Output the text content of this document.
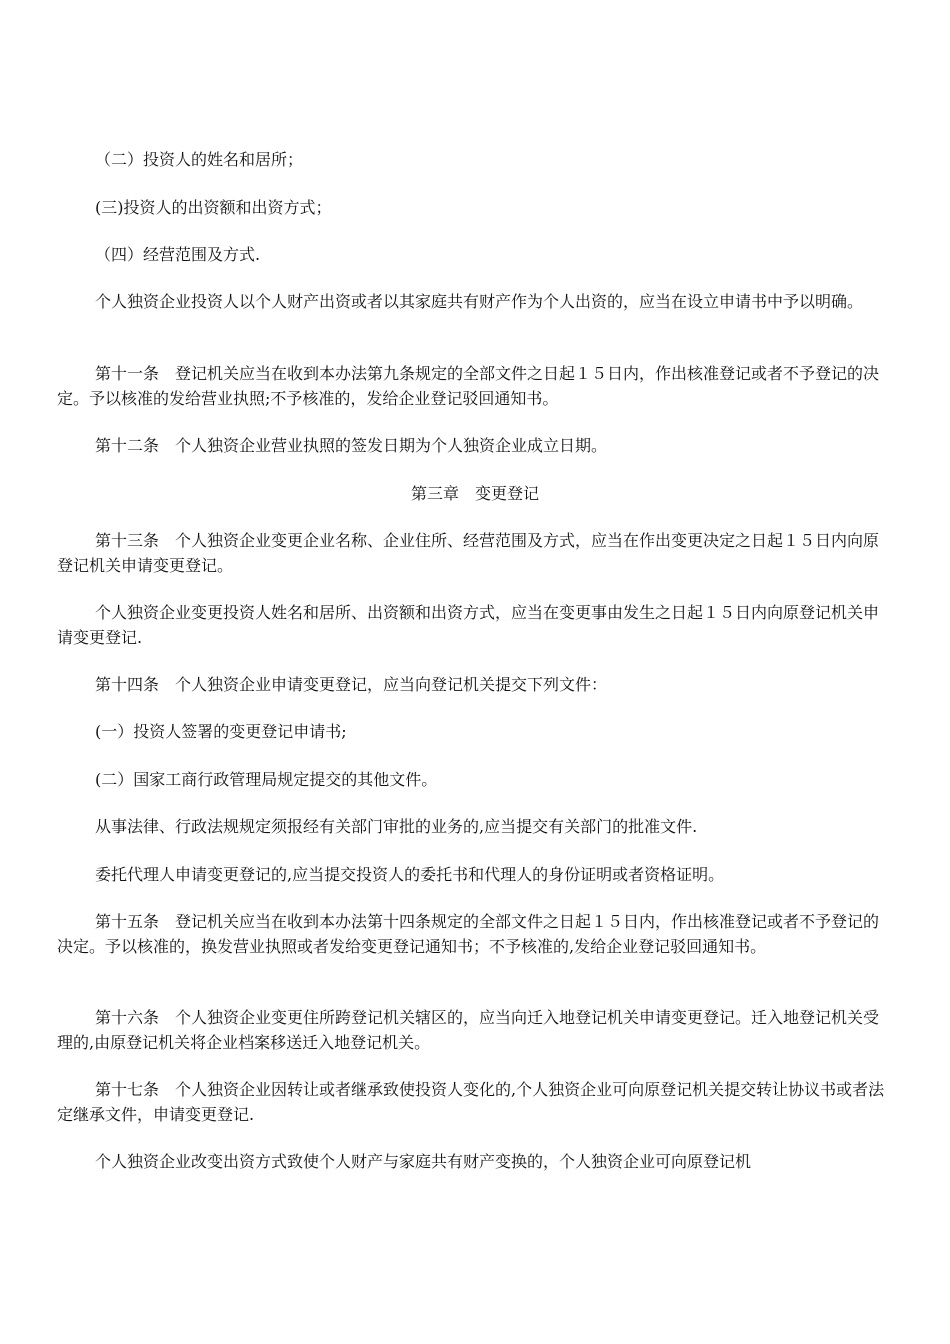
（二）投资人的姓名和居所；

(三)投资人的出资额和出资方式；

（四）经营范围及方式.

个人独资企业投资人以个人财产出资或者以其家庭共有财产作为个人出资的，应当在设立申请书中予以明确。

第十一条　登记机关应当在收到本办法第九条规定的全部文件之日起１５日内，作出核准登记或者不予登记的决定。予以核准的发给营业执照;不予核准的，发给企业登记驳回通知书。

第十二条　个人独资企业营业执照的签发日期为个人独资企业成立日期。

第三章　变更登记

第十三条　个人独资企业变更企业名称、企业住所、经营范围及方式，应当在作出变更决定之日起１５日内向原登记机关申请变更登记。

个人独资企业变更投资人姓名和居所、出资额和出资方式，应当在变更事由发生之日起１５日内向原登记机关申请变更登记.

第十四条　个人独资企业申请变更登记，应当向登记机关提交下列文件：

(一）投资人签署的变更登记申请书;

(二）国家工商行政管理局规定提交的其他文件。

从事法律、行政法规规定须报经有关部门审批的业务的,应当提交有关部门的批准文件.

委托代理人申请变更登记的,应当提交投资人的委托书和代理人的身份证明或者资格证明。

第十五条　登记机关应当在收到本办法第十四条规定的全部文件之日起１５日内，作出核准登记或者不予登记的决定。予以核准的，换发营业执照或者发给变更登记通知书；不予核准的,发给企业登记驳回通知书。

第十六条　个人独资企业变更住所跨登记机关辖区的，应当向迁入地登记机关申请变更登记。迁入地登记机关受理的,由原登记机关将企业档案移送迁入地登记机关。

第十七条　个人独资企业因转让或者继承致使投资人变化的,个人独资企业可向原登记机关提交转让协议书或者法定继承文件，申请变更登记.

个人独资企业改变出资方式致使个人财产与家庭共有财产变换的，个人独资企业可向原登记机
